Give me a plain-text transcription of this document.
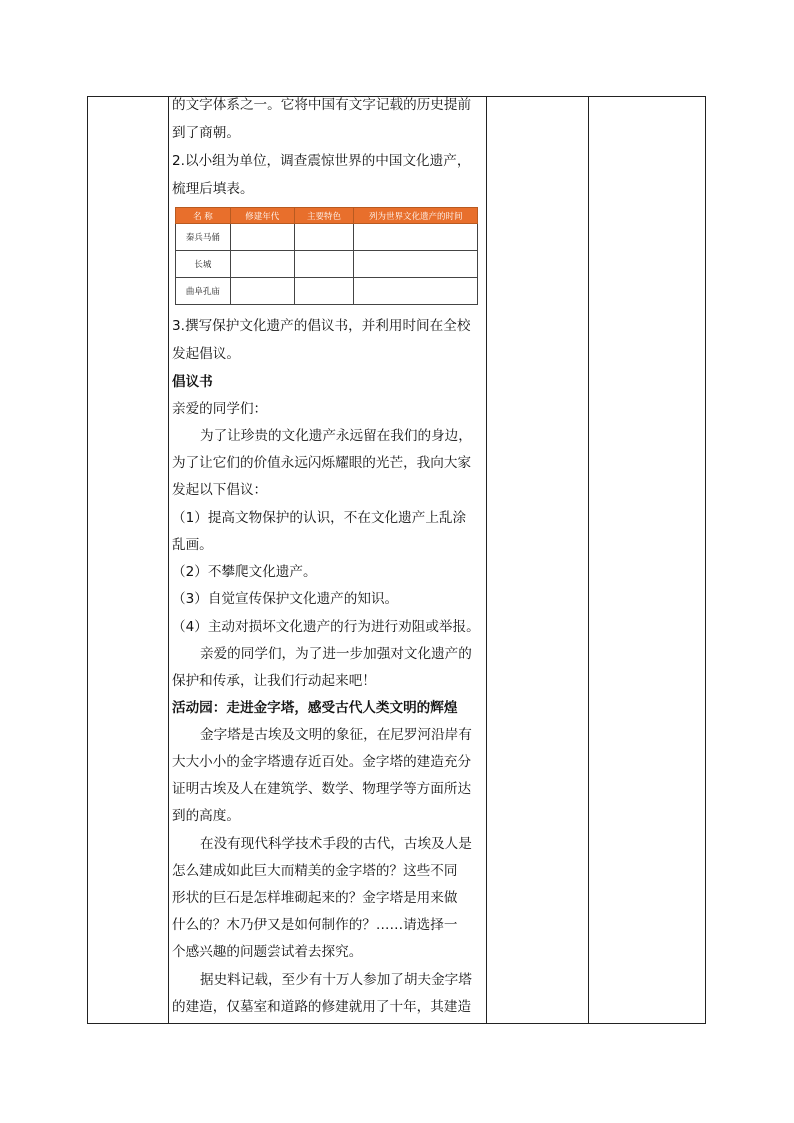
的文字体系之一。它将中国有文字记载的历史提前
到了商朝。
2.以小组为单位，调查震惊世界的中国文化遗产，
梳理后填表。
3.撰写保护文化遗产的倡议书，并利用时间在全校
发起倡议。
倡议书
亲爱的同学们：
为了让珍贵的文化遗产永远留在我们的身边，
为了让它们的价值永远闪烁耀眼的光芒，我向大家
发起以下倡议：
（1）提高文物保护的认识，不在文化遗产上乱涂
乱画。
（2）不攀爬文化遗产。
（3）自觉宣传保护文化遗产的知识。
（4）主动对损坏文化遗产的行为进行劝阻或举报。
亲爱的同学们，为了进一步加强对文化遗产的
保护和传承，让我们行动起来吧！
活动园：走进金字塔，感受古代人类文明的辉煌
金字塔是古埃及文明的象征，在尼罗河沿岸有
大大小小的金字塔遗存近百处。金字塔的建造充分
证明古埃及人在建筑学、数学、物理学等方面所达
到的高度。
在没有现代科学技术手段的古代，古埃及人是
怎么建成如此巨大而精美的金字塔的？这些不同
形状的巨石是怎样堆砌起来的？金字塔是用来做
什么的？木乃伊又是如何制作的？……请选择一
个感兴趣的问题尝试着去探究。
据史料记载，至少有十万人参加了胡夫金字塔
的建造，仅墓室和道路的修建就用了十年，其建造
名 称	修建年代	主要特色	列为世界文化遗产的时间
秦兵马俑			
长城			
曲阜孔庙			
